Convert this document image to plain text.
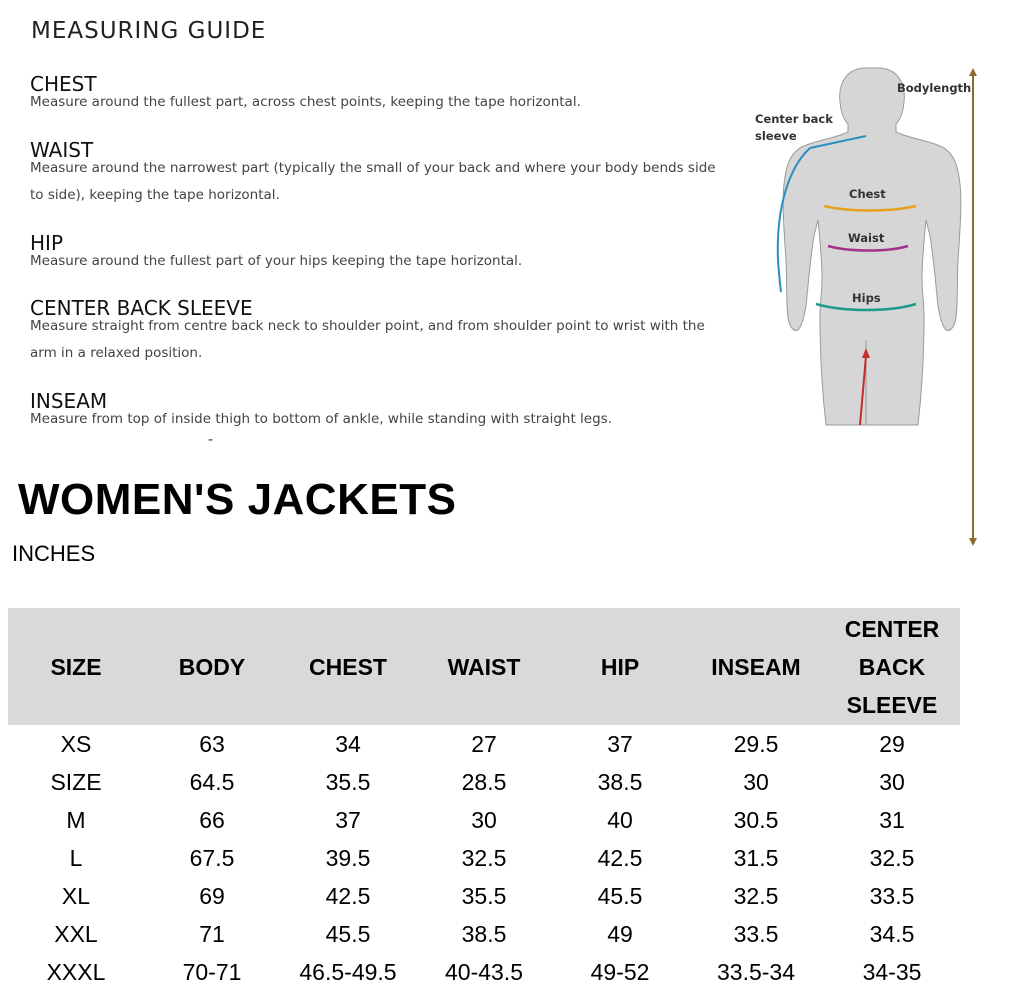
MEASURING GUIDE
CHEST
Measure around the fullest part, across chest points, keeping the tape horizontal.
WAIST
Measure around the narrowest part (typically the small of your back and where your body bends side to side), keeping the tape horizontal.
HIP
Measure around the fullest part of your hips keeping the tape horizontal.
CENTER BACK SLEEVE
Measure straight from centre back neck to shoulder point, and from shoulder point to wrist with the arm in a relaxed position.
INSEAM
Measure from top of inside thigh to bottom of ankle, while standing with straight legs.
-
Bodylength
Center back
sleeve
Chest
Waist
Hips
WOMEN'S JACKETS
INCHES
SIZE	BODY	CHEST	WAIST	HIP	INSEAM	CENTER
BACK
SLEEVE
XS	63	34	27	37	29.5	29
SIZE	64.5	35.5	28.5	38.5	30	30
M	66	37	30	40	30.5	31
L	67.5	39.5	32.5	42.5	31.5	32.5
XL	69	42.5	35.5	45.5	32.5	33.5
XXL	71	45.5	38.5	49	33.5	34.5
XXXL	70-71	46.5-49.5	40-43.5	49-52	33.5-34	34-35
